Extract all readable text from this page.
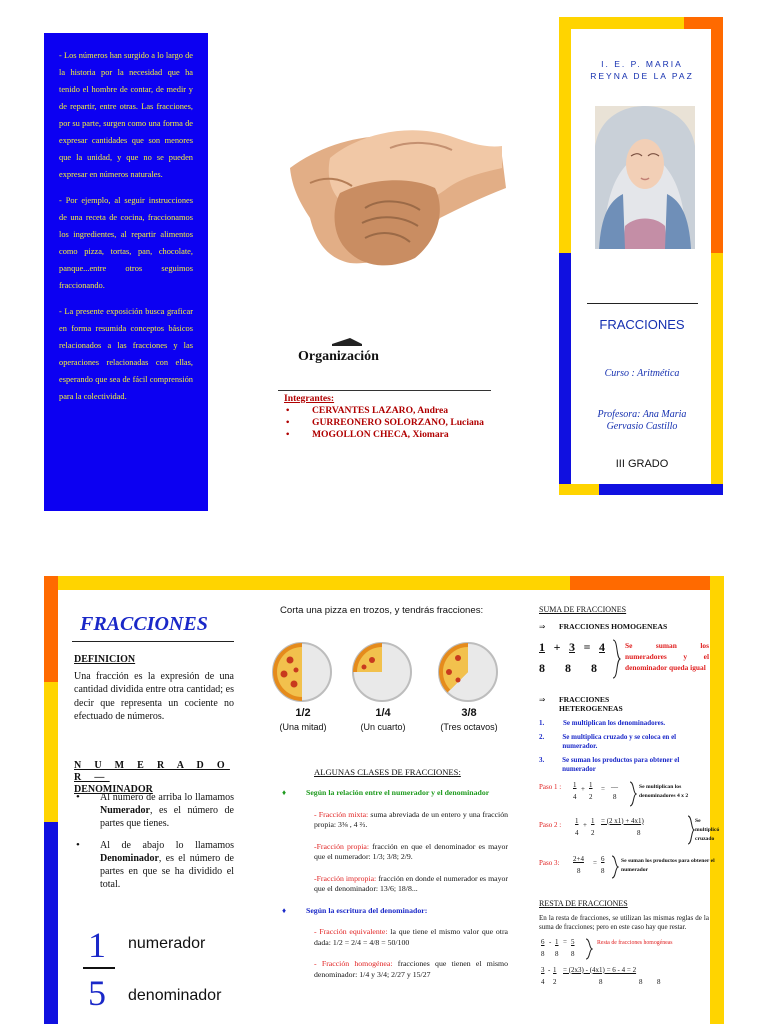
- Los números han surgido a lo largo de la historia por la necesidad que ha tenido el hombre de contar, de medir y de repartir, entre otras. Las fracciones, por su parte, surgen como una forma de expresar cantidades que son menores que la unidad, y que no se pueden expresar en números naturales.

- Por ejemplo, al seguir instrucciones de una receta de cocina, fraccionamos los ingredientes, al repartir alimentos como pizza, tortas, pan, chocolate, panque...entre otros seguimos fraccionando.

- La presente exposición busca graficar en forma resumida conceptos básicos relacionados a las fracciones y las operaciones relacionadas con ellas, esperando que sea de fácil comprensión para la colectividad.

Organización
Integrantes:
• CERVANTES LAZARO, Andrea
• GURREONERO SOLORZANO, Luciana
• MOGOLLON CHECA, Xiomara
I. E. P. MARIA
REYNA DE LA PAZ
FRACCIONES
Curso : Aritmética
Profesora: Ana Maria
Gervasio Castillo
III GRADO
FRACCIONES
DEFINICION
Una fracción es la expresión de una cantidad dividida entre otra cantidad; es decir que representa un cociente no efectuado de números.
N U M E R A D O R —
DENOMINADOR
• Al número de arriba lo llamamos Numerador, es el número de partes que tienes.
• Al de abajo lo llamamos Denominador, es el número de partes en que se ha dividido el total.
1
5
numerador
denominador
Corta una pizza en trozos, y tendrás fracciones:
1/2
(Una mitad)
1/4
(Un cuarto)
3/8
(Tres octavos)
ALGUNAS CLASES DE FRACCIONES:
♦	Según la relación entre el numerador y el denominador
- Fracción mixta: suma abreviada de un entero y una fracción propia: 3⅜ , 4 ⅔.
-Fracción propia: fracción en que el denominador es mayor que el numerador: 1/3; 3/8; 2/9.
-Fracción impropia: fracción en donde el numerador es mayor que el denominador: 13/6; 18/8...
♦	Según la escritura del denominador:
- Fracción equivalente: la que tiene el mismo valor que otra dada: 1/2 = 2/4 = 4/8 = 50/100
- Fracción homogénea: fracciones que tienen el mismo denominador: 1/4 y 3/4; 2/27 y 15/27
SUMA DE FRACCIONES
⇒	FRACCIONES HOMOGENEAS
1 + 3 = 4
8 8 8
Se suman los numeradores y el denominador queda igual
⇒	FRACCIONES
HETEROGENEAS
1.	Se multiplican los denominadores.
2.	Se multiplica cruzado y se coloca en el numerador.
3.	Se suman los productos para obtener el numerador
Paso 1 : 1 + 1 = __
4 2	8
Se multiplican los denominadores 4 x 2
Paso 2 : 1 + 1 = (2 x1) + 4x1)
4 2	8
Se multiplicó cruzado
Paso 3: 2+4 = 6
8	8
Se suman los productos para obtener el numerador
RESTA DE FRACCIONES
En la resta de fracciones, se utilizan las mismas reglas de la suma de fracciones; pero en este caso hay que restar.
6 - 1 = 5
8 8 8
Resta de fracciones homogéneas
3 - 1 = (2x3) - (4x1) = 6 - 4 = 2
4 2	8	8 8
